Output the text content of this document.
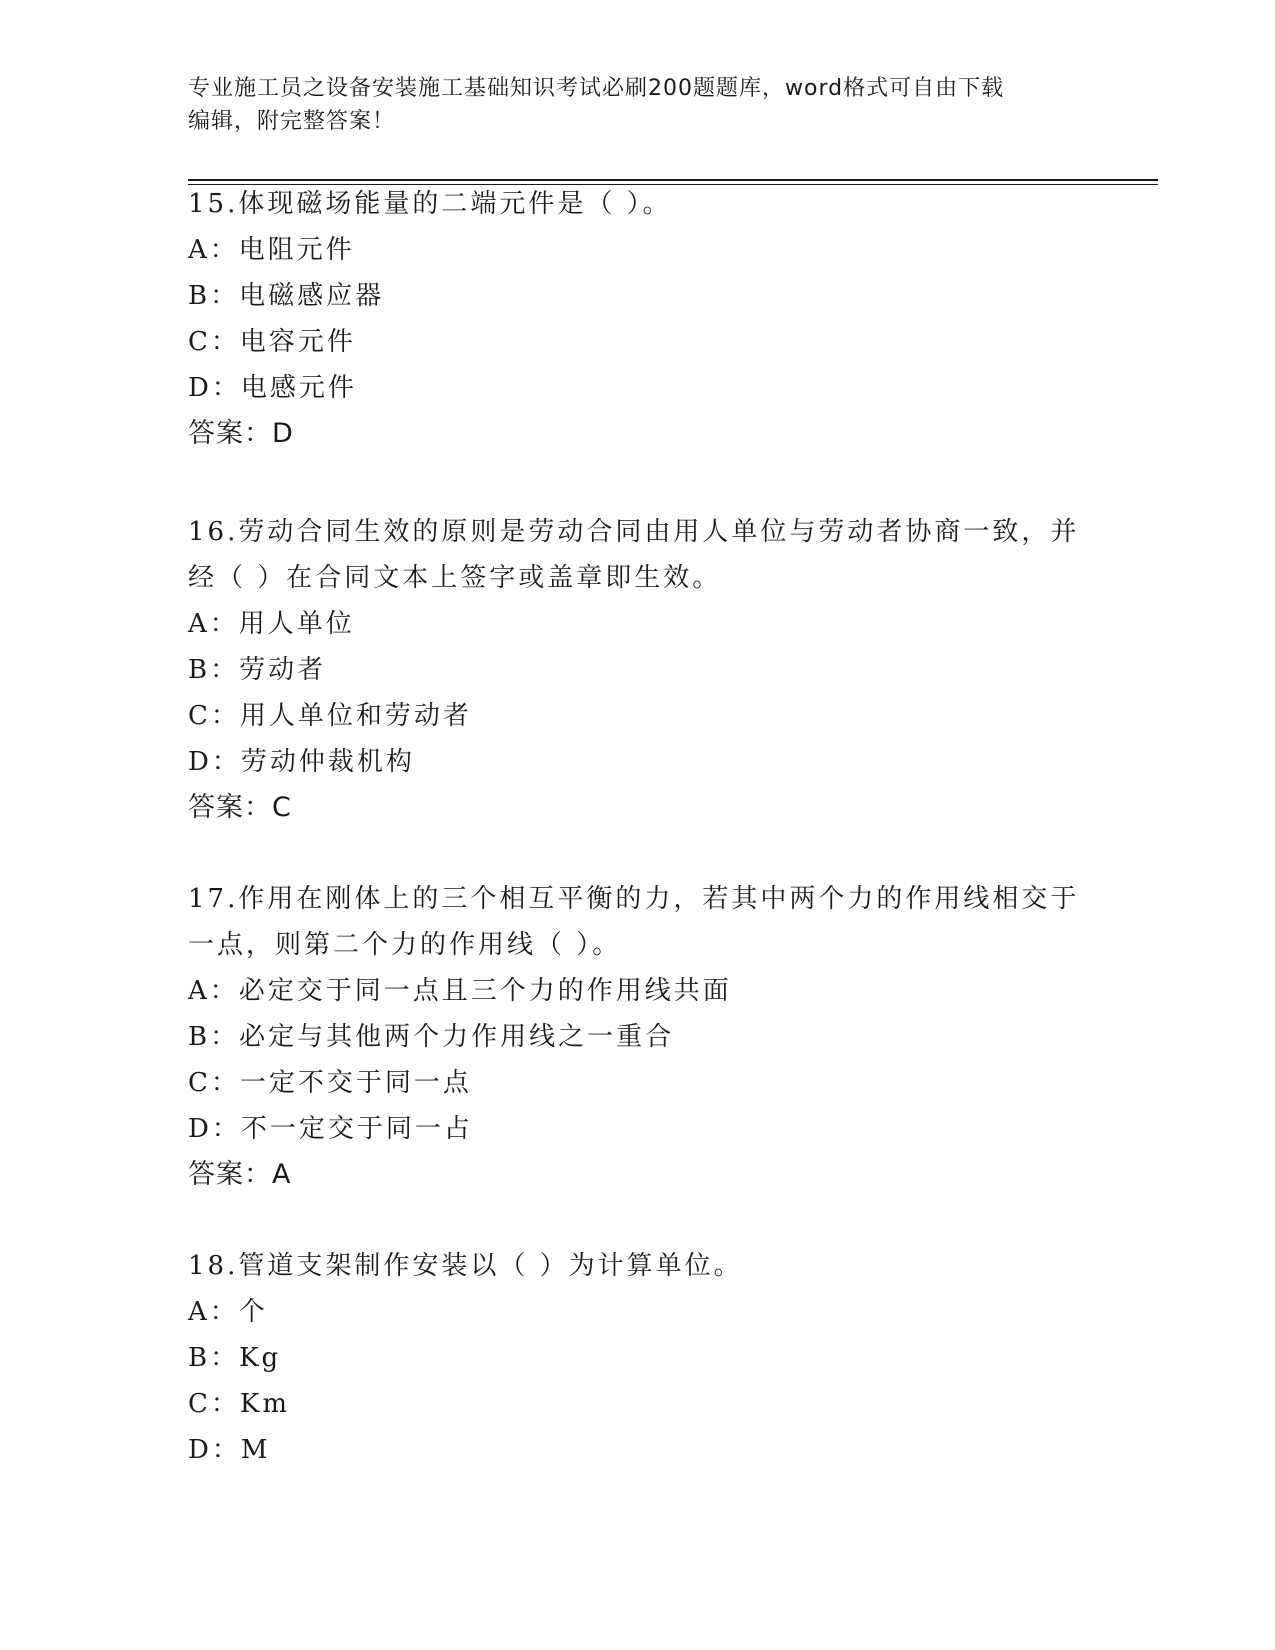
专业施工员之设备安装施工基础知识考试必刷200题题库，word格式可自由下载
编辑，附完整答案！
15.体现磁场能量的二端元件是（ ）。
A：电阻元件
B：电磁感应器
C：电容元件
D：电感元件
答案：D
16.劳动合同生效的原则是劳动合同由用人单位与劳动者协商一致，并
经（ ）在合同文本上签字或盖章即生效。
A：用人单位
B：劳动者
C：用人单位和劳动者
D：劳动仲裁机构
答案：C
17.作用在刚体上的三个相互平衡的力，若其中两个力的作用线相交于
一点，则第二个力的作用线（ ）。
A：必定交于同一点且三个力的作用线共面
B：必定与其他两个力作用线之一重合
C：一定不交于同一点
D：不一定交于同一占
答案：A
18.管道支架制作安装以（ ）为计算单位。
A：个
B：Kg
C：Km
D：M
